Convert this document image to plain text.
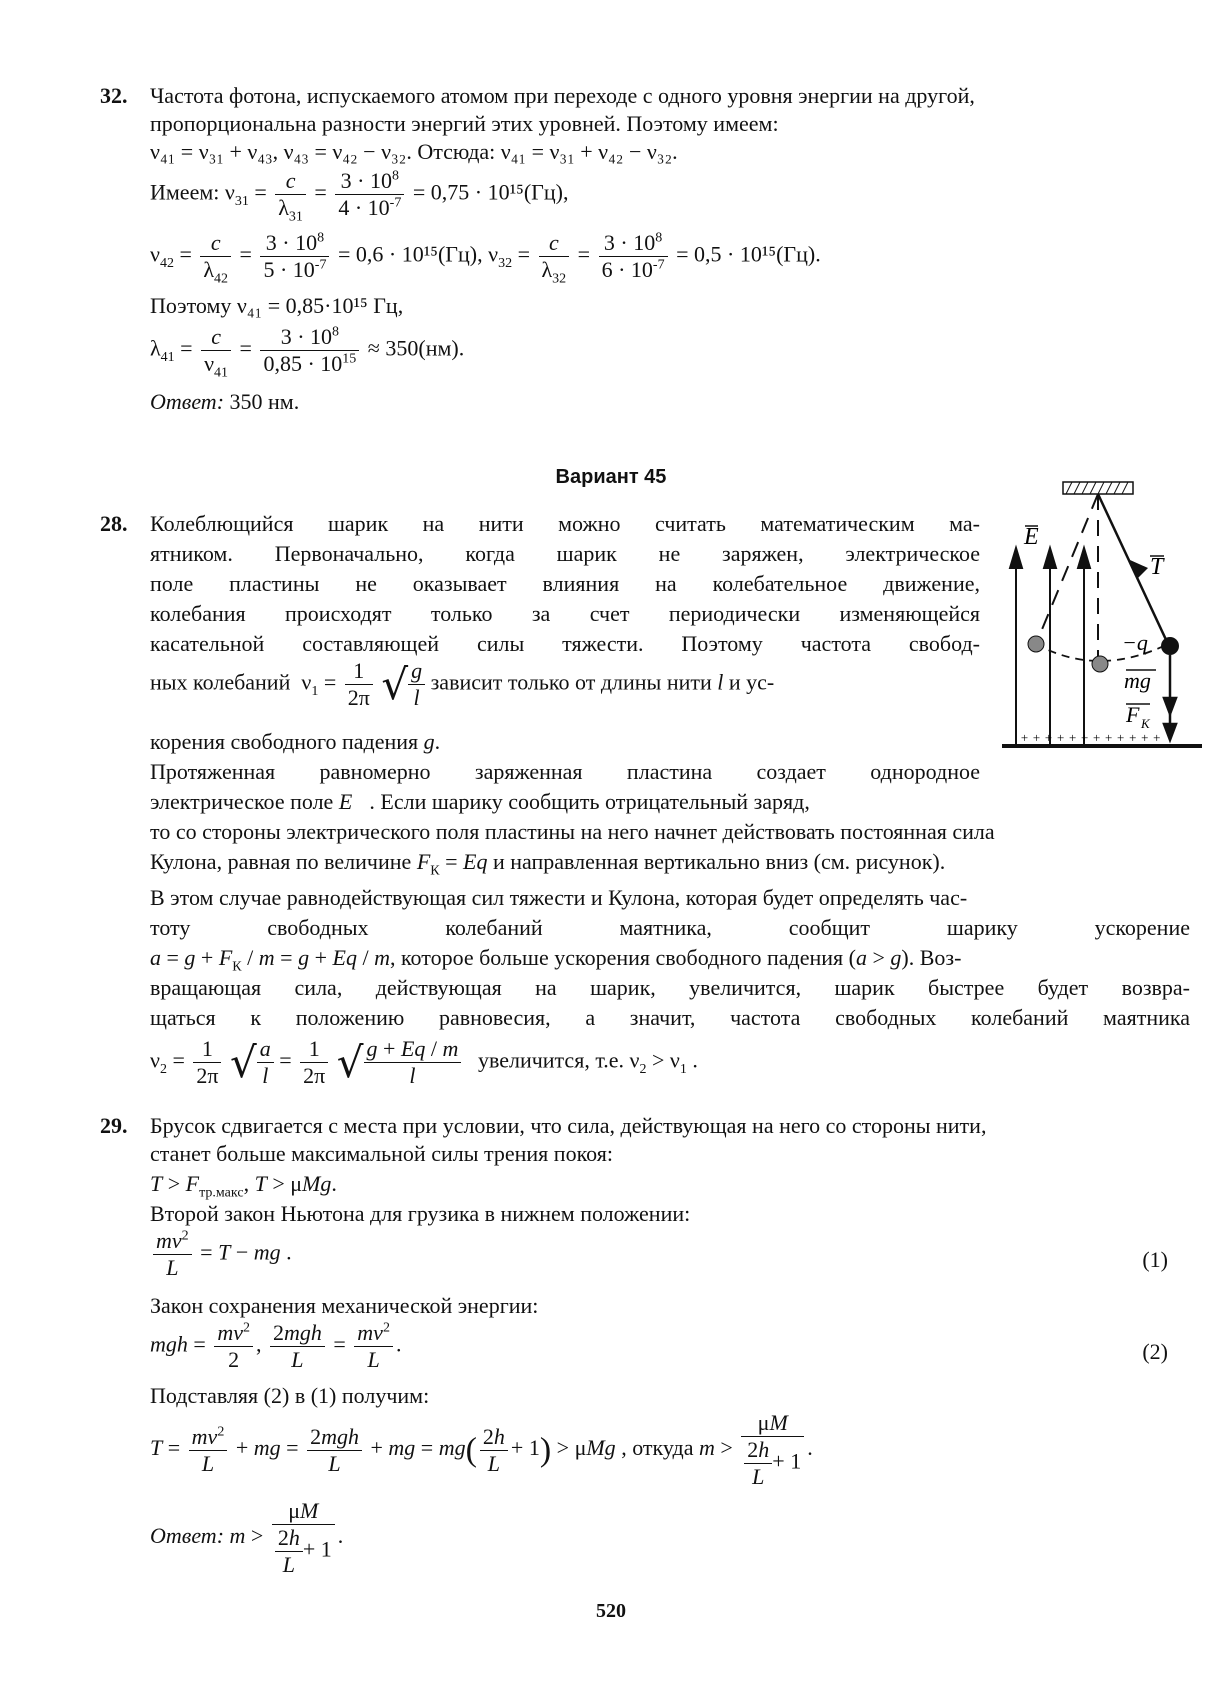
32. Частота фотона, испускаемого атомом при переходе с одного уровня энергии на другой,
пропорциональна разности энергий этих уровней. Поэтому имеем:
ν₄₁ = ν₃₁ + ν₄₃, ν₄₃ = ν₄₂ − ν₃₂. Отсюда: ν₄₁ = ν₃₁ + ν₄₂ − ν₃₂.
Имеем: $\nu_{31} = \frac{c}{\lambda_{31}} = \frac{3 \cdot 10^8}{4 \cdot 10^{-7}} = 0,75 \cdot 10^{15}(Гц)$,
$\nu_{42} = \frac{c}{\lambda_{42}} = \frac{3 \cdot 10^8}{5 \cdot 10^{-7}} = 0,6 \cdot 10^{15}(Гц)$, $\nu_{32} = \frac{c}{\lambda_{32}} = \frac{3 \cdot 10^8}{6 \cdot 10^{-7}} = 0,5 \cdot 10^{15}(Гц)$.
Поэтому ν₄₁ = 0,85·10¹⁵ Гц,
$\lambda_{41} = \frac{c}{\nu_{41}} = \frac{3 \cdot 10^8}{0,85 \cdot 10^{15}} \approx 350(нм)$.
Ответ: 350 нм.
Вариант 45
28. Колеблющийся шарик на нити можно считать математическим ма-
ятником. Первоначально, когда шарик не заряжен, электрическое
поле пластины не оказывает влияния на колебательное движение,
колебания происходят только за счет периодически изменяющейся
касательной составляющей силы тяжести. Поэтому частота свобод-
ных колебаний  $\nu_1 = \frac{1}{2\pi}$ √ $\frac{g}{l}$ зависит только от длины нити l и ус-
корения свободного падения g.
Протяженная равномерно заряженная пластина создает однородное
электрическое поле E⃗. Если шарику сообщить отрицательный заряд,
то со стороны электрического поля пластины на него начнет действовать постоянная сила
Кулона, равная по величине $F_К = Eq$ и направленная вертикально вниз (см. рисунок).
В этом случае равнодействующая сил тяжести и Кулона, которая будет определять час-
тоту свободных колебаний маятника, сообщит шарику ускорение
$a = g + F_К / m = g + Eq / m$, которое больше ускорения свободного падения (a > g). Воз-
вращающая сила, действующая на шарик, увеличится, шарик быстрее будет возвра-
щаться к положению равновесия, а значит, частота свободных колебаний маятника
$\nu_2 = \frac{1}{2\pi}$ √ $\frac{a}{l} = \frac{1}{2\pi}$ √ $\frac{g + Eq / m}{l}$ увеличится, т.е. $\nu_2 > \nu_1$ .
+ + + + + + + + + + + +
E
T
−q
mg
F К
29. Брусок сдвигается с места при условии, что сила, действующая на него со стороны нити,
станет больше максимальной силы трения покоя:
$T > F_{тр.макс}$, T > μMg.
Второй закон Ньютона для грузика в нижнем положении:
$\frac{mv^2}{L} = T$ − mg .	(1)
Закон сохранения механической энергии:
mgh = $\frac{mv^2}{2}$ , $\frac{\text{2mgh}}{L} = \frac{mv^2}{L}$ .	(2)
Подставляя (2) в (1) получим:
$T = \frac{mv^2}{L}$ + mg = $\frac{\text{2mgh}}{L}$ + mg = $mg( \frac{2h}{L} + 1) > \mu Mg$ , откуда $m > \frac{\mu M}{\frac{2h}{L} + 1}$ .
Ответ: $m > \frac{\mu M}{\frac{2h}{L} + 1}$ .
520
